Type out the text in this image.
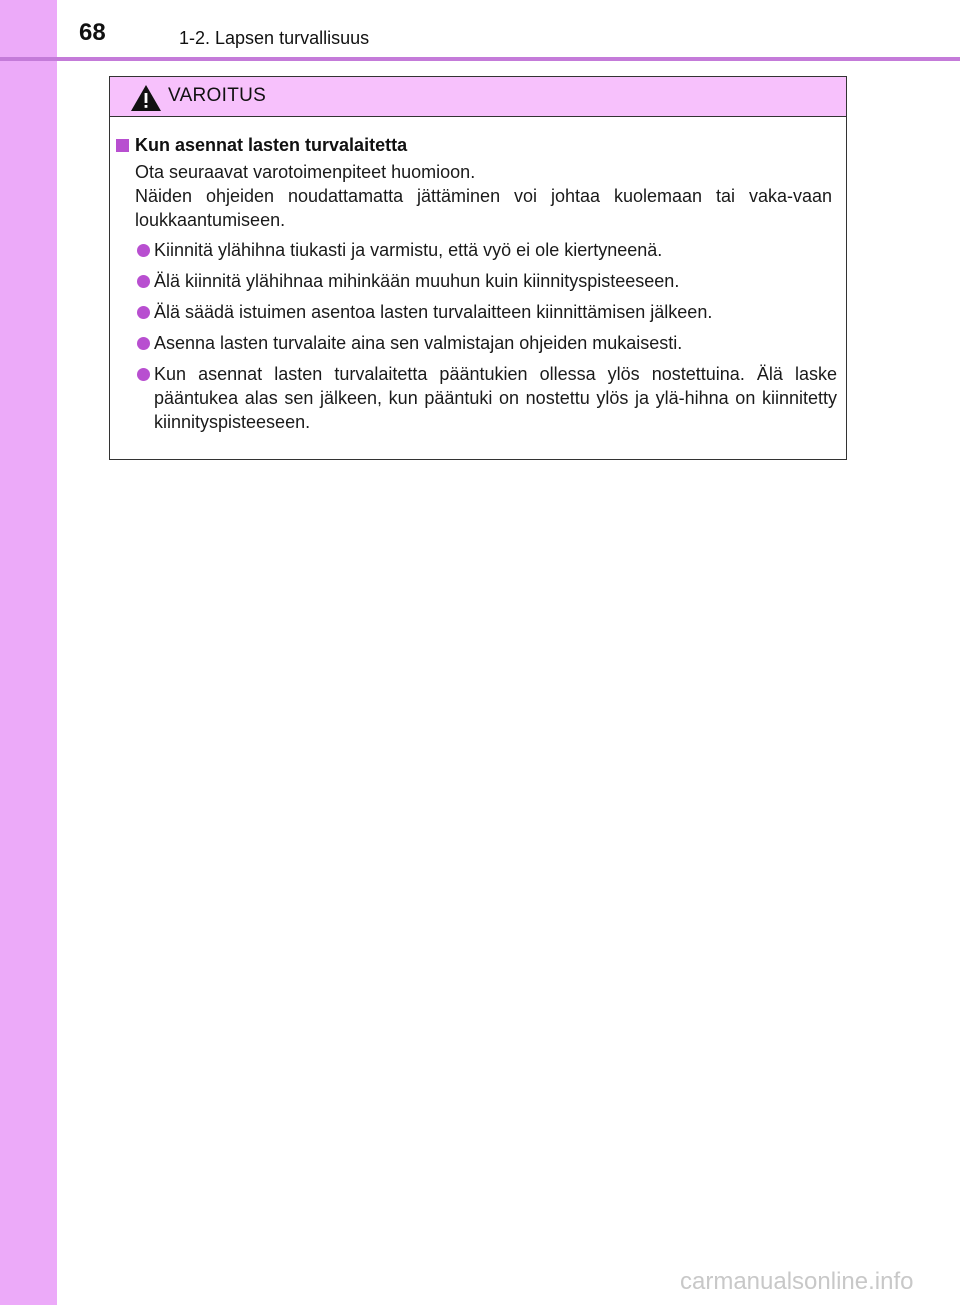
68	1-2. Lapsen turvallisuus
VAROITUS
Kun asennat lasten turvalaitetta
Ota seuraavat varotoimenpiteet huomioon.
Näiden ohjeiden noudattamatta jättäminen voi johtaa kuolemaan tai vaka-vaan loukkaantumiseen.
Kiinnitä ylähihna tiukasti ja varmistu, että vyö ei ole kiertyneenä.
Älä kiinnitä ylähihnaa mihinkään muuhun kuin kiinnityspisteeseen.
Älä säädä istuimen asentoa lasten turvalaitteen kiinnittämisen jälkeen.
Asenna lasten turvalaite aina sen valmistajan ohjeiden mukaisesti.
Kun asennat lasten turvalaitetta pääntukien ollessa ylös nostettuina. Älä laske pääntukea alas sen jälkeen, kun pääntuki on nostettu ylös ja ylä-hihna on kiinnitetty kiinnityspisteeseen.
carmanualsonline.info
